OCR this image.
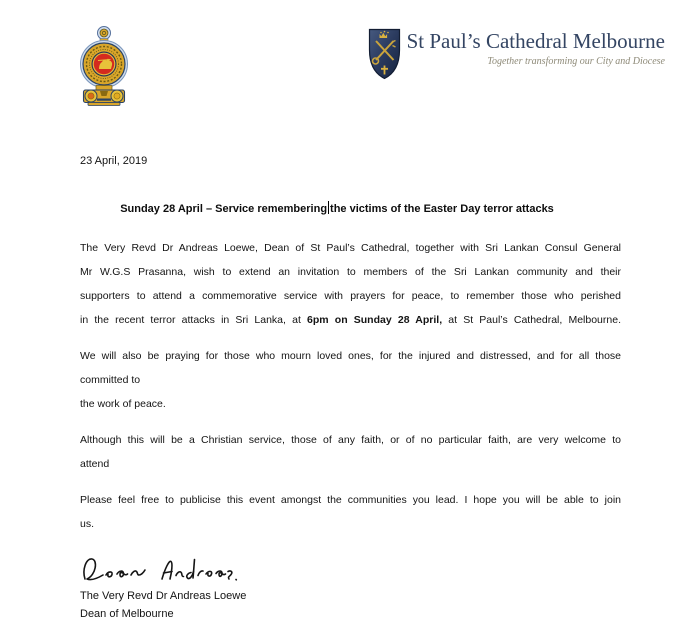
St Paul’s Cathedral Melbourne
Together transforming our City and Diocese
23 April, 2019
Sunday 28 April – Service remembering the victims of the Easter Day terror attacks
The Very Revd Dr Andreas Loewe, Dean of St Paul’s Cathedral, together with Sri Lankan Consul General
Mr W.G.S Prasanna, wish to extend an invitation to members of the Sri Lankan community and their
supporters to attend a commemorative service with prayers for peace, to remember those who perished
in the recent terror attacks in Sri Lanka, at 6pm on Sunday 28 April, at St Paul’s Cathedral, Melbourne.
We will also be praying for those who mourn loved ones, for the injured and distressed, and for all those
committed to
the work of peace.
Although this will be a Christian service, those of any faith, or of no particular faith, are very welcome to
attend
Please feel free to publicise this event amongst the communities you lead. I hope you will be able to join
us.
The Very Revd Dr Andreas Loewe
Dean of Melbourne
